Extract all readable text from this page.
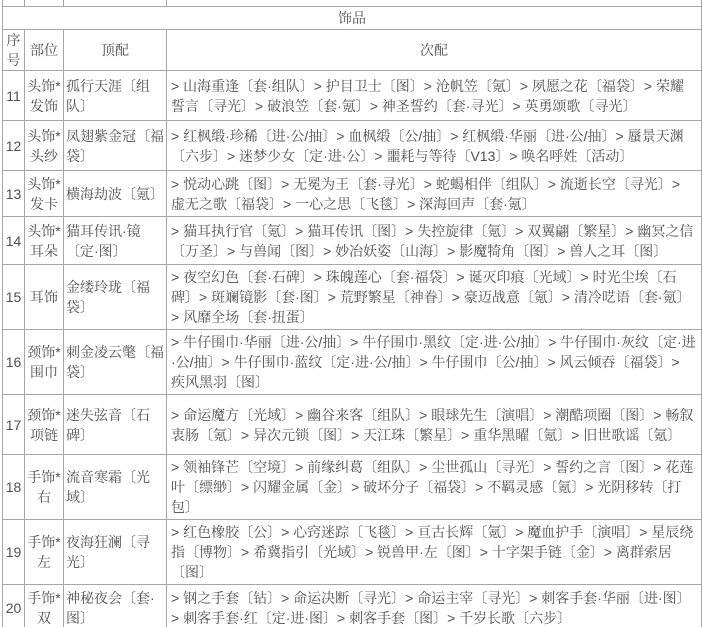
饰品			
序号	部位	顶配	次配
11	头饰*发饰	孤行天涯〔组队〕	> 山海重逢〔套·组队〕> 护目卫士〔图〕> 沧帆笠〔氪〕> 夙愿之花〔福袋〕> 荣耀誓言〔寻光〕> 破浪笠〔套·氪〕> 神圣誓约〔套·寻光〕> 英勇颂歌〔寻光〕
12	头饰*头纱	凤翅紫金冠〔福袋〕	> 红枫缎·珍稀〔进·公/抽〕> 血枫缎〔公/抽〕> 红枫缎·华丽〔进·公/抽〕> 蜃景天渊〔六步〕> 迷梦少女〔定·进·公〕> 噩耗与等待〔V13〕> 唤名呼姓〔活动〕
13	头饰*发卡	横海劫波〔氪〕	> 悦动心跳〔图〕> 无冕为王〔套·寻光〕> 蛇蝎相伴〔组队〕> 流逝长空〔寻光〕> 虚无之歌〔福袋〕> 一心之思〔飞毯〕> 深海回声〔套·氪〕
14	头饰*耳朵	猫耳传讯·镜〔定·图〕	> 猫耳执行官〔氪〕> 猫耳传讯〔图〕> 失控旋律〔氪〕> 双翼翩〔繁星〕> 幽冥之信〔万圣〕> 与兽闻〔图〕> 妙冶妖姿〔山海〕> 影魔犄角〔图〕> 兽人之耳〔图〕
15	耳饰	金缕玲珑〔福袋〕	> 夜空幻色〔套·石碑〕> 珠魄莲心〔套·福袋〕> 诞灭印痕〔光域〕> 时光尘埃〔石碑〕> 斑斓镜影〔套·图〕> 荒野繁星〔神眷〕> 豪迈战意〔氪〕> 清冷呓语〔套·氪〕> 风靡全场〔套·扭蛋〕
16	颈饰*围巾	刺金凌云氅〔福袋〕	> 牛仔围巾·华丽〔进·公/抽〕> 牛仔围巾·黑纹〔定·进·公/抽〕> 牛仔围巾·灰纹〔定·进·公/抽〕> 牛仔围巾·蓝纹〔定·进·公/抽〕> 牛仔围巾〔公/抽〕> 风云倾吞〔福袋〕> 疾风黑羽〔图〕
17	颈饰*项链	迷失弦音〔石碑〕	> 命运魔方〔光域〕> 幽谷来客〔组队〕> 眼球先生〔演唱〕> 潮酷项圈〔图〕> 畅叙衷肠〔氪〕> 异次元锁〔图〕> 天江珠〔繁星〕> 重华黑曜〔氪〕> 旧世歌谣〔氪〕
18	手饰*右	流音寒霜〔光域〕	> 领袖锋芒〔空境〕> 前缘纠葛〔组队〕> 尘世孤山〔寻光〕> 誓约之言〔图〕> 花莲叶〔缥缈〕> 闪耀金属〔金〕> 破坏分子〔福袋〕> 不羁灵感〔氪〕> 光阴移转〔打包〕
19	手饰*左	夜海狂澜〔寻光〕	> 红色橡胶〔公〕> 心窍迷踪〔飞毯〕> 亘古长辉〔氪〕> 魔血护手〔演唱〕> 星辰绕指〔博物〕> 希冀指引〔光域〕> 锐兽甲·左〔图〕> 十字架手链〔金〕> 离群索居〔图〕
20	手饰*双	神秘夜会〔套·图〕	> 钢之手套〔钻〕> 命运决断〔寻光〕> 命运主宰〔寻光〕> 刺客手套·华丽〔进·图〕> 刺客手套·红〔定·进·图〕> 刺客手套〔图〕> 千岁长歌〔六步〕
